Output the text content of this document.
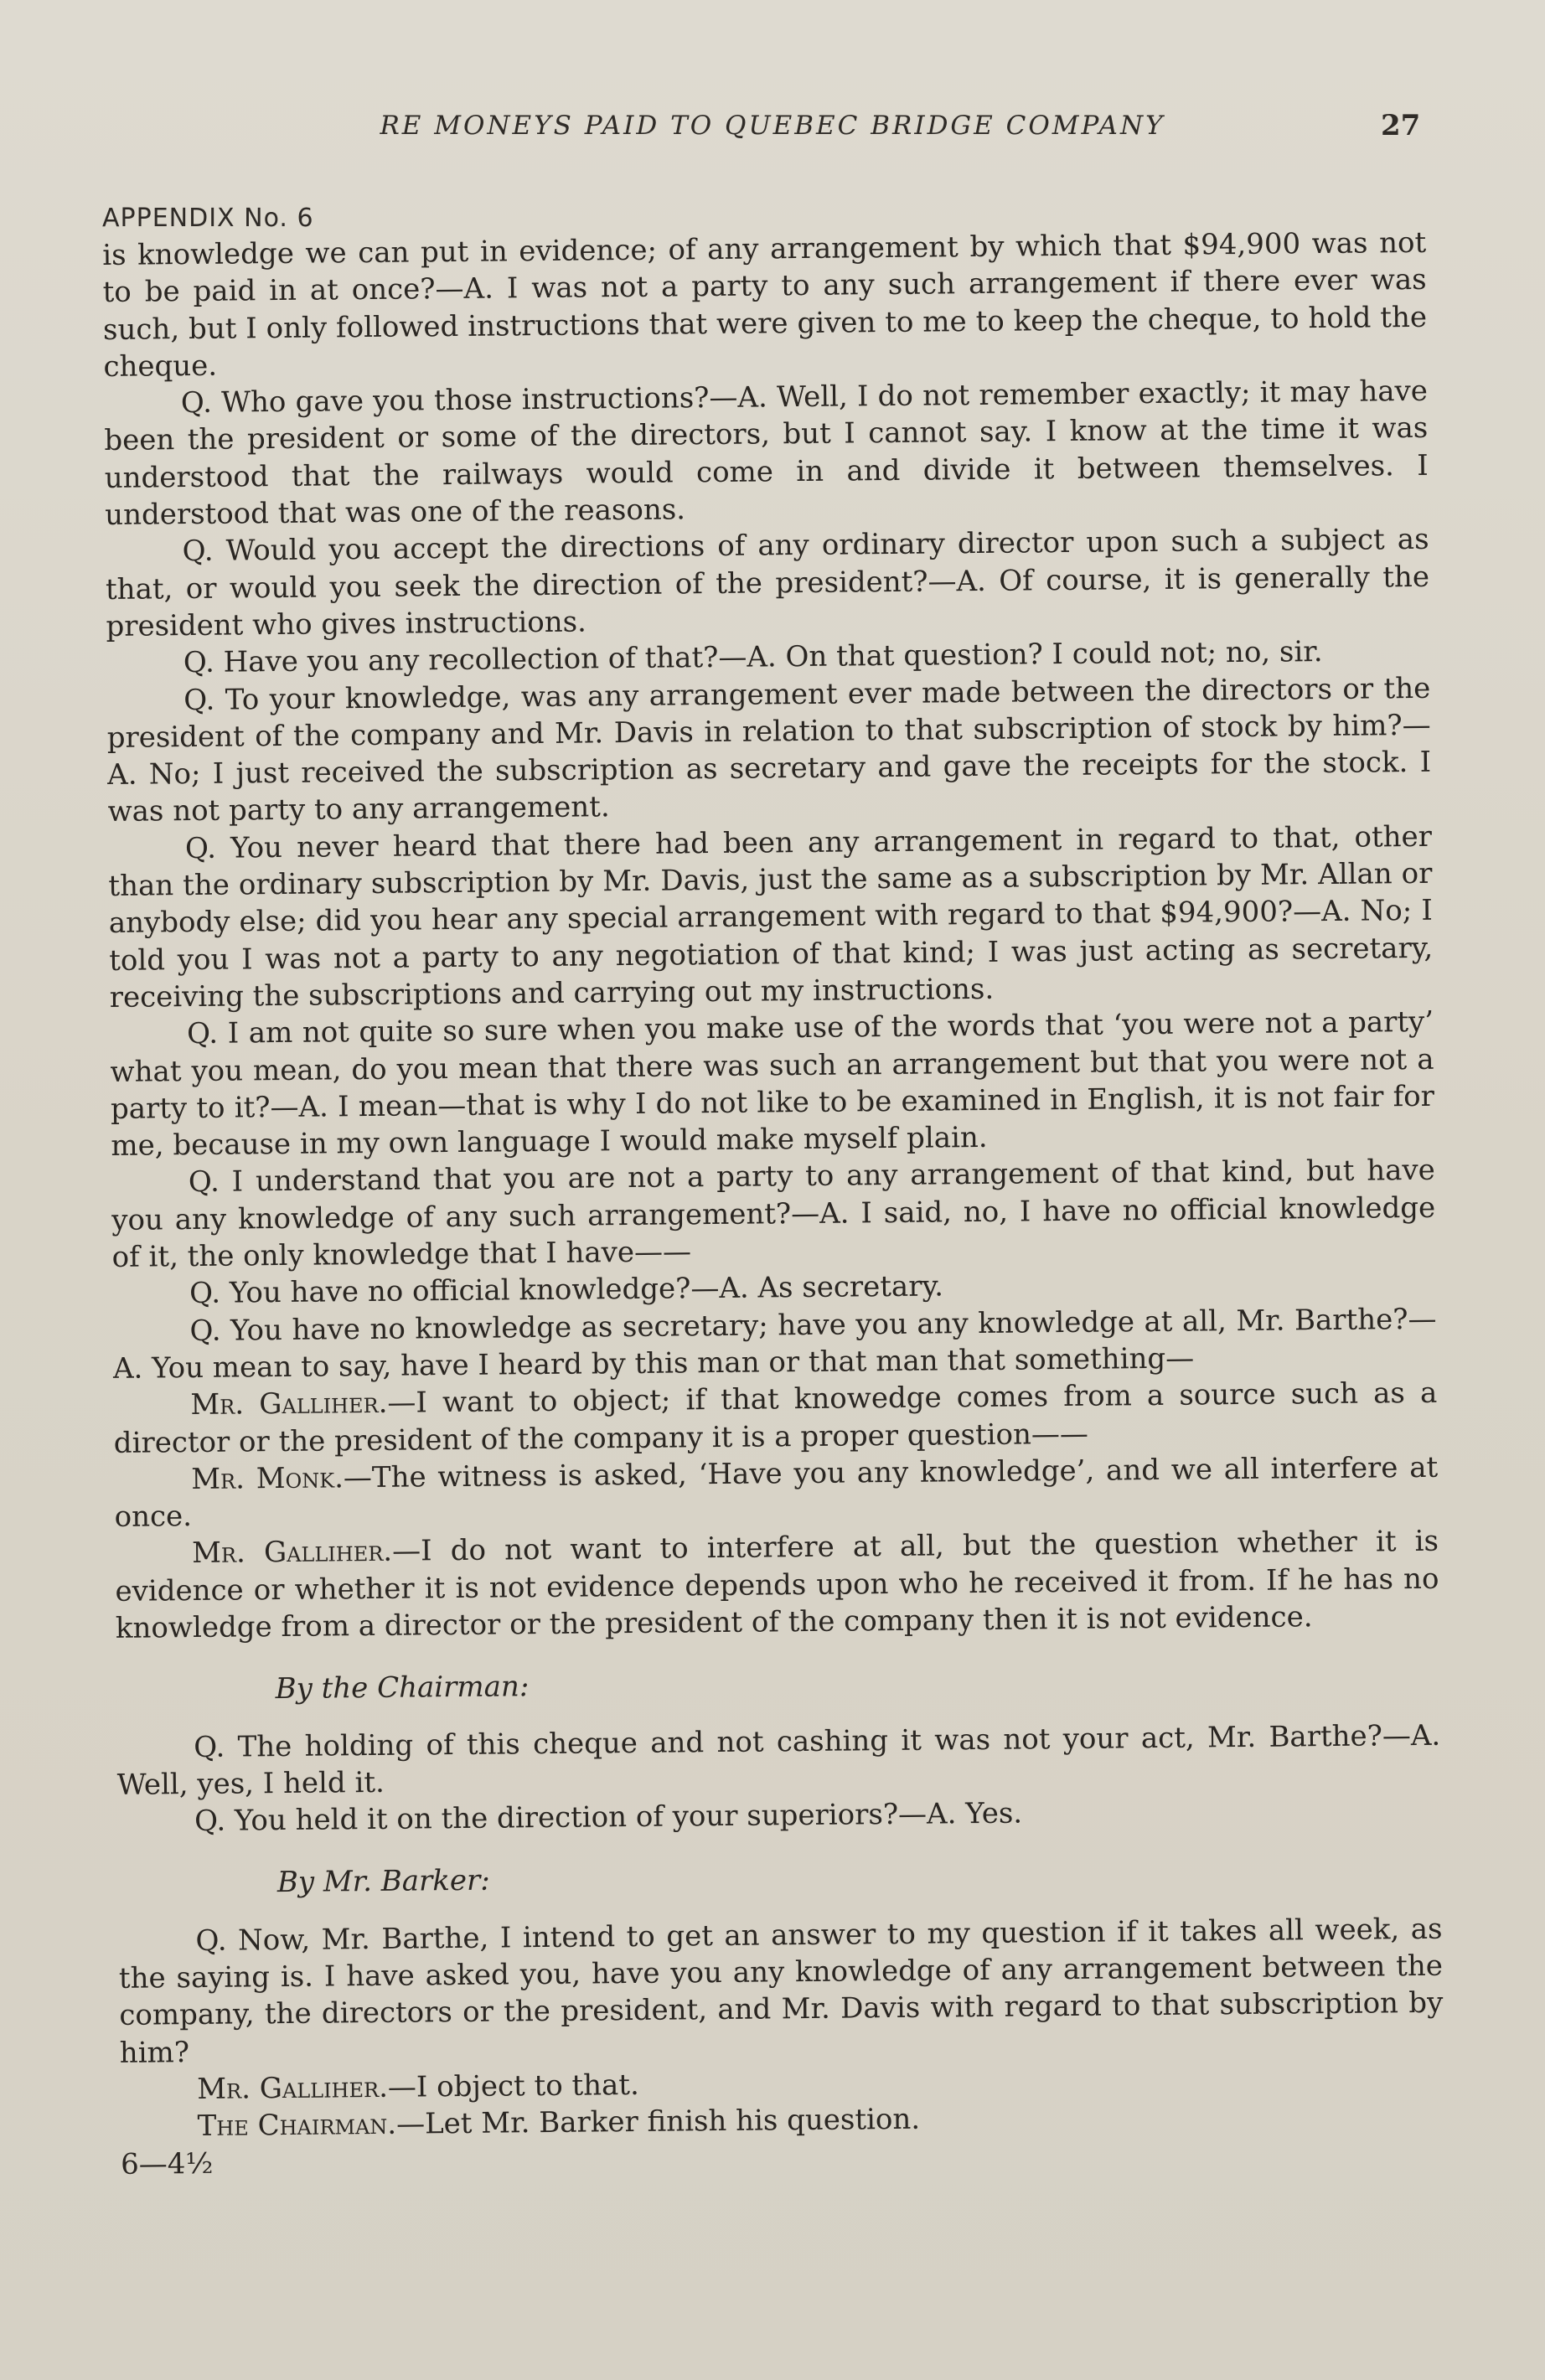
RE MONEYS PAID TO QUEBEC BRIDGE COMPANY	27
APPENDIX No. 6

is knowledge we can put in evidence; of any arrangement by which that $94,900 was not to be paid in at once?—A. I was not a party to any such arrangement if there ever was such, but I only followed instructions that were given to me to keep the cheque, to hold the cheque.

Q. Who gave you those instructions?—A. Well, I do not remember exactly; it may have been the president or some of the directors, but I cannot say. I know at the time it was understood that the railways would come in and divide it between themselves. I understood that was one of the reasons.

Q. Would you accept the directions of any ordinary director upon such a subject as that, or would you seek the direction of the president?—A. Of course, it is generally the president who gives instructions.

Q. Have you any recollection of that?—A. On that question? I could not; no, sir.

Q. To your knowledge, was any arrangement ever made between the directors or the president of the company and Mr. Davis in relation to that subscription of stock by him?—A. No; I just received the subscription as secretary and gave the receipts for the stock. I was not party to any arrangement.

Q. You never heard that there had been any arrangement in regard to that, other than the ordinary subscription by Mr. Davis, just the same as a subscription by Mr. Allan or anybody else; did you hear any special arrangement with regard to that $94,900?—A. No; I told you I was not a party to any negotiation of that kind; I was just acting as secretary, receiving the subscriptions and carrying out my instructions.

Q. I am not quite so sure when you make use of the words that ‘you were not a party’ what you mean, do you mean that there was such an arrangement but that you were not a party to it?—A. I mean—that is why I do not like to be examined in English, it is not fair for me, because in my own language I would make myself plain.

Q. I understand that you are not a party to any arrangement of that kind, but have you any knowledge of any such arrangement?—A. I said, no, I have no official knowledge of it, the only knowledge that I have——

Q. You have no official knowledge?—A. As secretary.

Q. You have no knowledge as secretary; have you any knowledge at all, Mr. Barthe?—A. You mean to say, have I heard by this man or that man that something—

Mr. Galliher.—I want to object; if that knowedge comes from a source such as a director or the president of the company it is a proper question——

Mr. Monk.—The witness is asked, ‘Have you any knowledge’, and we all interfere at once.

Mr. Galliher.—I do not want to interfere at all, but the question whether it is evidence or whether it is not evidence depends upon who he received it from. If he has no knowledge from a director or the president of the company then it is not evidence.

By the Chairman:

Q. The holding of this cheque and not cashing it was not your act, Mr. Barthe?—A. Well, yes, I held it.

Q. You held it on the direction of your superiors?—A. Yes.

By Mr. Barker:

Q. Now, Mr. Barthe, I intend to get an answer to my question if it takes all week, as the saying is. I have asked you, have you any knowledge of any arrangement between the company, the directors or the president, and Mr. Davis with regard to that subscription by him?

Mr. Galliher.—I object to that.

The Chairman.—Let Mr. Barker finish his question.

6—4½
